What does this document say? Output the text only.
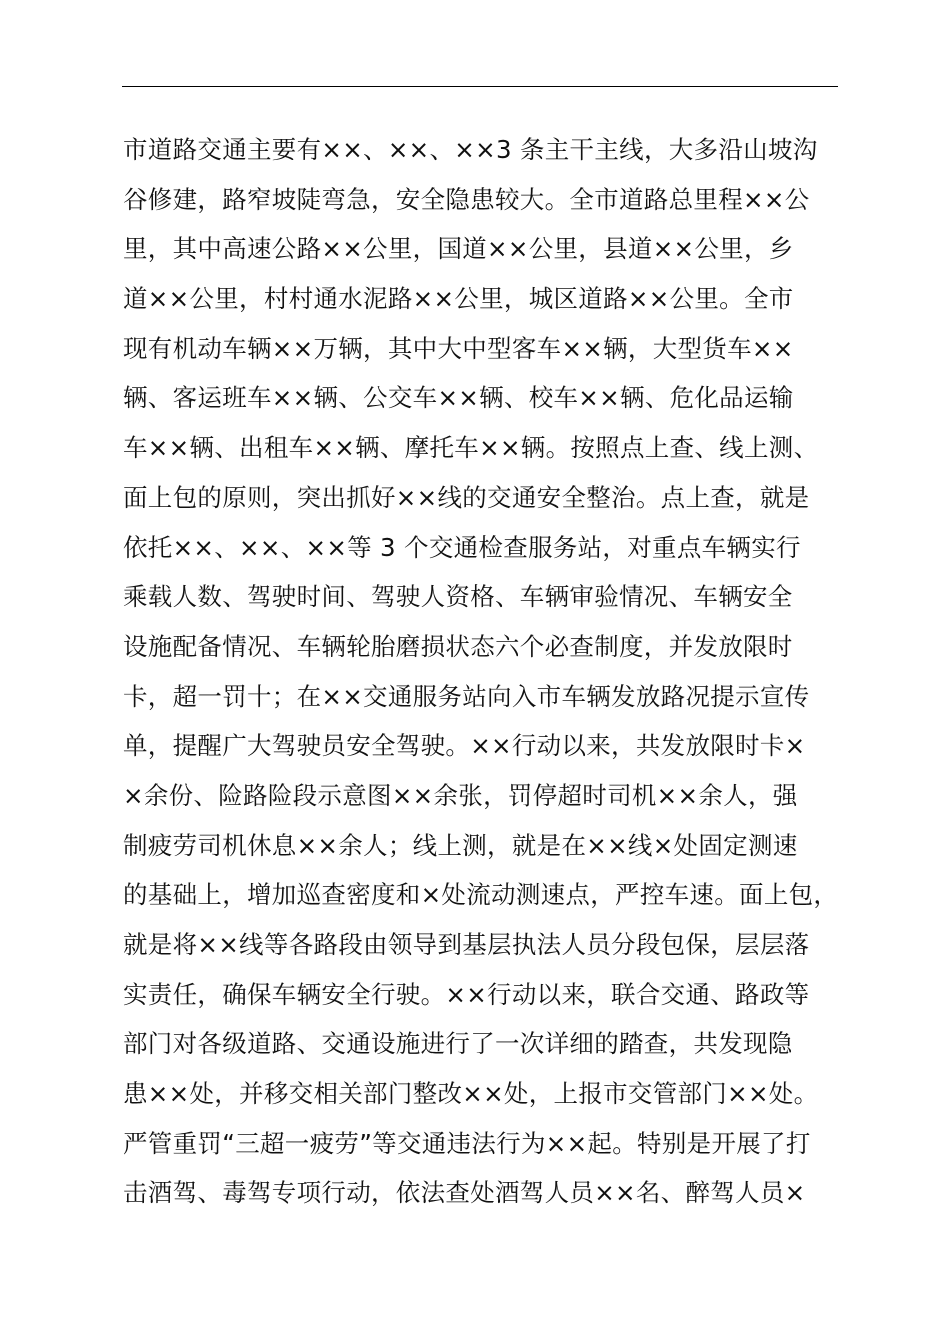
市道路交通主要有××、××、××3 条主干主线，大多沿山坡沟
谷修建，路窄坡陡弯急，安全隐患较大。全市道路总里程××公
里，其中高速公路××公里，国道××公里，县道××公里，乡
道××公里，村村通水泥路××公里，城区道路××公里。全市
现有机动车辆××万辆，其中大中型客车××辆，大型货车××
辆、客运班车××辆、公交车××辆、校车××辆、危化品运输
车××辆、出租车××辆、摩托车××辆。按照点上查、线上测、
面上包的原则，突出抓好××线的交通安全整治。点上查，就是
依托××、××、××等 3 个交通检查服务站，对重点车辆实行
乘载人数、驾驶时间、驾驶人资格、车辆审验情况、车辆安全
设施配备情况、车辆轮胎磨损状态六个必查制度，并发放限时
卡，超一罚十；在××交通服务站向入市车辆发放路况提示宣传
单，提醒广大驾驶员安全驾驶。××行动以来，共发放限时卡×
×余份、险路险段示意图××余张，罚停超时司机××余人，强
制疲劳司机休息××余人；线上测，就是在××线×处固定测速
的基础上，增加巡查密度和×处流动测速点，严控车速。面上包，
就是将××线等各路段由领导到基层执法人员分段包保，层层落
实责任，确保车辆安全行驶。××行动以来，联合交通、路政等
部门对各级道路、交通设施进行了一次详细的踏查，共发现隐
患××处，并移交相关部门整改××处，上报市交管部门××处。
严管重罚“三超一疲劳”等交通违法行为××起。特别是开展了打
击酒驾、毒驾专项行动，依法查处酒驾人员××名、醉驾人员×
